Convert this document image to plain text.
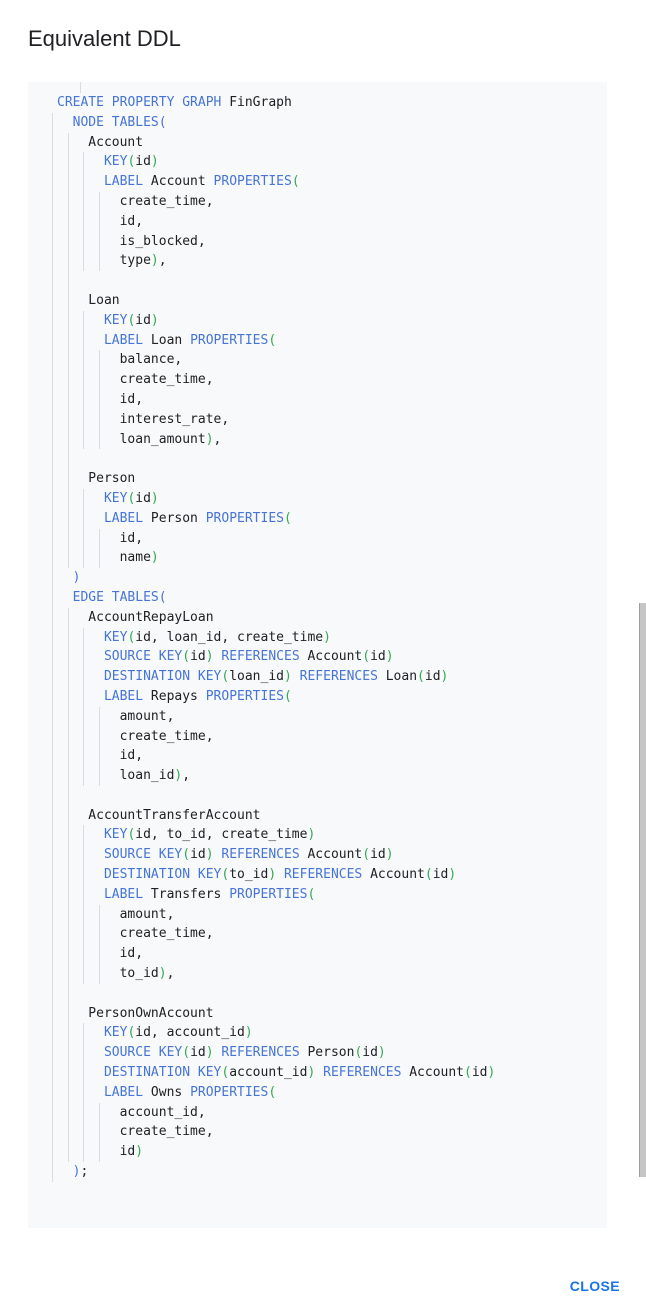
Equivalent DDL
CREATE PROPERTY GRAPH FinGraph
NODE TABLES(
Account
KEY(id)
LABEL Account PROPERTIES(
create_time,
id,
is_blocked,
type),
Loan
KEY(id)
LABEL Loan PROPERTIES(
balance,
create_time,
id,
interest_rate,
loan_amount),
Person
KEY(id)
LABEL Person PROPERTIES(
id,
name)
)
EDGE TABLES(
AccountRepayLoan
KEY(id, loan_id, create_time)
SOURCE KEY(id) REFERENCES Account(id)
DESTINATION KEY(loan_id) REFERENCES Loan(id)
LABEL Repays PROPERTIES(
amount,
create_time,
id,
loan_id),
AccountTransferAccount
KEY(id, to_id, create_time)
SOURCE KEY(id) REFERENCES Account(id)
DESTINATION KEY(to_id) REFERENCES Account(id)
LABEL Transfers PROPERTIES(
amount,
create_time,
id,
to_id),
PersonOwnAccount
KEY(id, account_id)
SOURCE KEY(id) REFERENCES Person(id)
DESTINATION KEY(account_id) REFERENCES Account(id)
LABEL Owns PROPERTIES(
account_id,
create_time,
id)
);
CLOSE
